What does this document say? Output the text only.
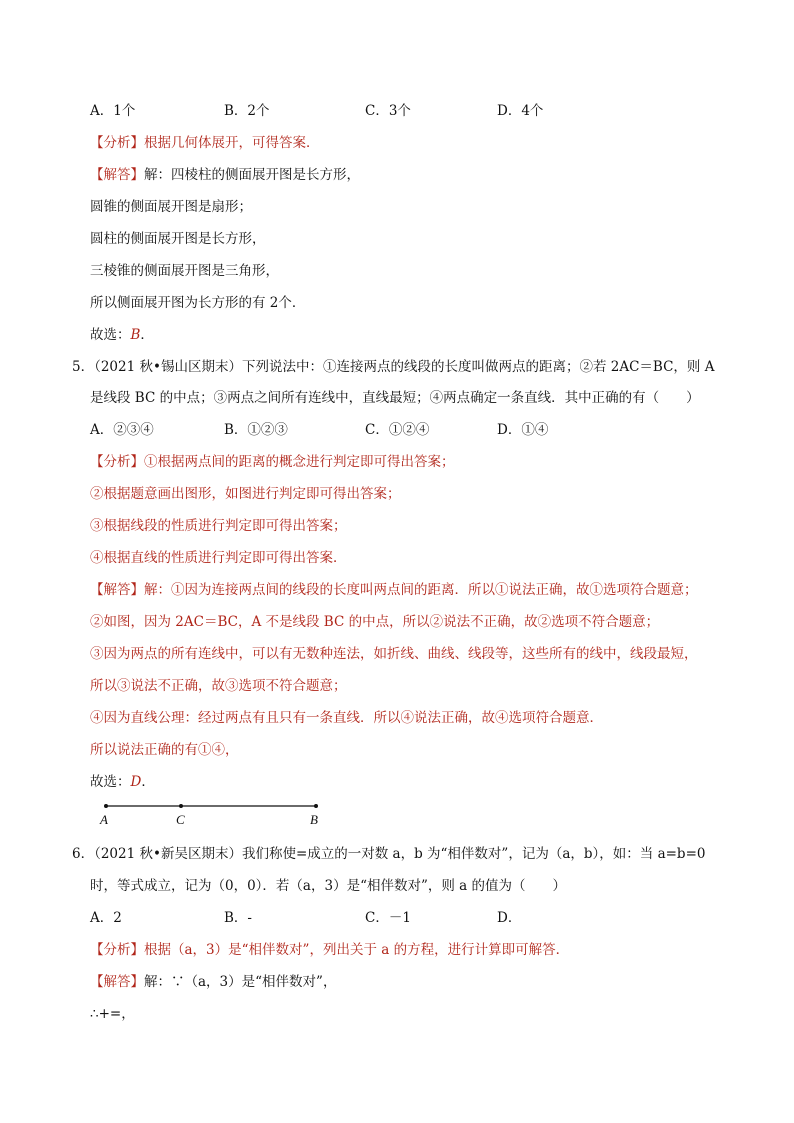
A．1个	B．2个	C．3个	D．4个
【分析】根据几何体展开，可得答案．
【解答】解：四棱柱的侧面展开图是长方形，
圆锥的侧面展开图是扇形；
圆柱的侧面展开图是长方形，
三棱锥的侧面展开图是三角形，
所以侧面展开图为长方形的有 2个．
故选：B．
5．（2021 秋•锡山区期末）下列说法中：①连接两点的线段的长度叫做两点的距离；②若 2AC＝BC，则 A
是线段 BC 的中点；③两点之间所有连线中，直线最短；④两点确定一条直线．其中正确的有（　　）
A．②③④	B．①②③	C．①②④	D．①④
【分析】①根据两点间的距离的概念进行判定即可得出答案；
②根据题意画出图形，如图进行判定即可得出答案；
③根据线段的性质进行判定即可得出答案；
④根据直线的性质进行判定即可得出答案．
【解答】解：①因为连接两点间的线段的长度叫两点间的距离．所以①说法正确，故①选项符合题意；
②如图，因为 2AC＝BC，A 不是线段 BC 的中点，所以②说法不正确，故②选项不符合题意；
③因为两点的所有连线中，可以有无数种连法，如折线、曲线、线段等，这些所有的线中，线段最短，
所以③说法不正确，故③选项不符合题意；
④因为直线公理：经过两点有且只有一条直线．所以④说法正确，故④选项符合题意．
所以说法正确的有①④，
故选：D．
A	C	B
6．（2021 秋•新吴区期末）我们称使=成立的一对数 a，b 为“相伴数对”，记为（a，b），如：当 a=b=0
时，等式成立，记为（0，0）．若（a，3）是“相伴数对”，则 a 的值为（　　）
A．2	B．-	C．－1	D．
【分析】根据（a，3）是“相伴数对”，列出关于 a 的方程，进行计算即可解答．
【解答】解：∵（a，3）是“相伴数对”，
∴+=，
